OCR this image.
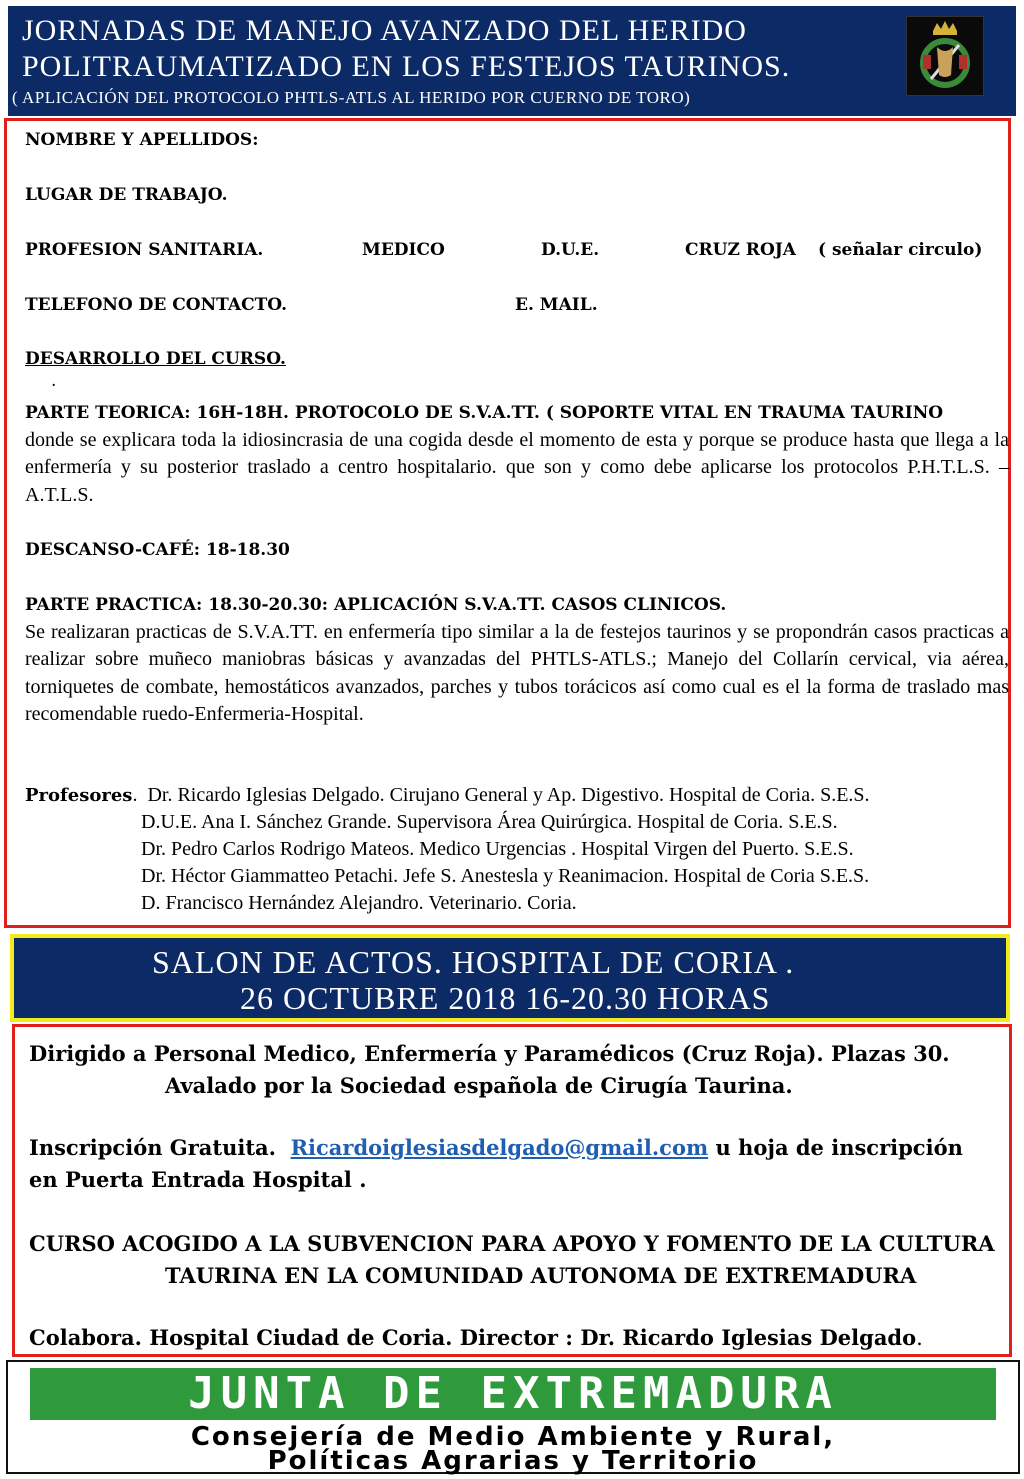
JORNADAS DE MANEJO AVANZADO DEL HERIDO
POLITRAUMATIZADO EN LOS FESTEJOS TAURINOS.
( APLICACIÓN DEL PROTOCOLO PHTLS-ATLS AL HERIDO POR CUERNO DE TORO)
NOMBRE Y APELLIDOS:
LUGAR DE TRABAJO.
PROFESION SANITARIA.	MEDICO	D.U.E.	CRUZ ROJA ( señalar circulo)
TELEFONO DE CONTACTO.	E. MAIL.
DESARROLLO DEL CURSO.
.
PARTE TEORICA: 16H-18H. PROTOCOLO DE S.V.A.TT. ( SOPORTE VITAL EN TRAUMA TAURINO
donde se explicara toda la idiosincrasia de una cogida desde el momento de esta y porque se produce hasta que llega a la enfermería y su posterior traslado a centro hospitalario. que son y como debe aplicarse los protocolos P.H.T.L.S. – A.T.L.S.
DESCANSO-CAFÉ: 18-18.30
PARTE PRACTICA: 18.30-20.30: APLICACIÓN S.V.A.TT. CASOS CLINICOS.
Se realizaran practicas de S.V.A.TT. en enfermería tipo similar a la de festejos taurinos y se propondrán casos practicas a realizar sobre muñeco maniobras básicas y avanzadas del PHTLS-ATLS.; Manejo del Collarín cervical, via aérea, torniquetes de combate, hemostáticos avanzados, parches y tubos torácicos así como cual es el la forma de traslado mas recomendable ruedo-Enfermeria-Hospital.
Profesores.  Dr. Ricardo Iglesias Delgado. Cirujano General y Ap. Digestivo. Hospital de Coria. S.E.S.
D.U.E. Ana I. Sánchez Grande. Supervisora Área Quirúrgica. Hospital de Coria. S.E.S.
Dr. Pedro Carlos Rodrigo Mateos. Medico Urgencias . Hospital Virgen del Puerto. S.E.S.
Dr. Héctor Giammatteo Petachi. Jefe S. Anestesla y Reanimacion. Hospital de Coria S.E.S.
D. Francisco Hernández Alejandro. Veterinario. Coria.
SALON DE ACTOS. HOSPITAL DE CORIA .
26 OCTUBRE 2018 16-20.30 HORAS
Dirigido a Personal Medico, Enfermería y Paramédicos (Cruz Roja). Plazas 30.
Avalado por la Sociedad española de Cirugía Taurina.
Inscripción Gratuita. Ricardoiglesiasdelgado@gmail.com u hoja de inscripción
en Puerta Entrada Hospital .
CURSO ACOGIDO A LA SUBVENCION PARA APOYO Y FOMENTO DE LA CULTURA
TAURINA EN LA COMUNIDAD AUTONOMA DE EXTREMADURA
Colabora. Hospital Ciudad de Coria. Director : Dr. Ricardo Iglesias Delgado.
JUNTA DE EXTREMADURA
Consejería de Medio Ambiente y Rural,
Políticas Agrarias y Territorio
